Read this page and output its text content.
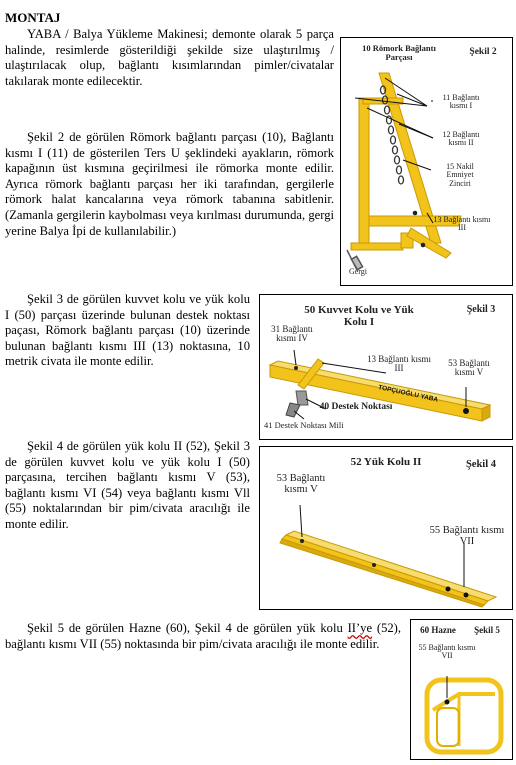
MONTAJ

YABA / Balya Yükleme Makinesi; demonte olarak 5 parça halinde, resimlerde gösterildiği şekilde size ulaştırılmış / ulaştırılacak olup, bağlantı kısımlarından pimler/civatalar takılarak monte edilecektir.

10 Römork Bağlantı Parçası	Şekil 2
11 Bağlantı kısmı I
12 Bağlantı kısmı II
15 Nakil Emniyet Zinciri
13 Bağlantı kısmı III
Gergi

Şekil 2 de görülen Römork bağlantı parçası (10), Bağlantı kısmı I (11) de gösterilen Ters U şeklindeki ayakların, römork kapağının üst kısmına geçirilmesi ile römorka monte edilir. Ayrıca römork bağlantı parçası her iki tarafından, gergilerle römork halat kancalarına veya römork tabanına sabitlenir. (Zamanla gergilerin kaybolması veya kırılması durumunda, gergi yerine Balya İpi de kullanılabilir.)

Şekil 3 de görülen kuvvet kolu ve yük kolu I (50) parçası üzerinde bulunan destek noktası paçası, Römork bağlantı parçası (10) üzerinde bulunan bağlantı kısmı III (13) noktasına, 10 metrik civata ile monte edilir.

TOPÇUOĞLU YABA
50 Kuvvet Kolu ve Yük Kolu I
Şekil 3
31 Bağlantı kısmı IV
13 Bağlantı kısmı III
53 Bağlantı kısmı V
40 Destek Noktası
41 Destek Noktası Mili

Şekil 4 de görülen yük kolu II (52), Şekil 3 de görülen kuvvet kolu ve yük kolu I (50) parçasına, tercihen bağlantı kısmı V (53), bağlantı kısmı VI (54) veya bağlantı kısmı Vll (55) noktalarından bir pim/civata aracılığı ile monte edilir.

52 Yük Kolu II	Şekil 4
53 Bağlantı kısmı V
55 Bağlantı kısmı VII

Şekil 5 de görülen Hazne (60), Şekil 4 de görülen yük kolu II’ye (52), bağlantı kısmı VII (55) noktasında bir pim/civata aracılığı ile monte edilir.

60 Hazne	Şekil 5
55 Bağlantı kısmı VII
